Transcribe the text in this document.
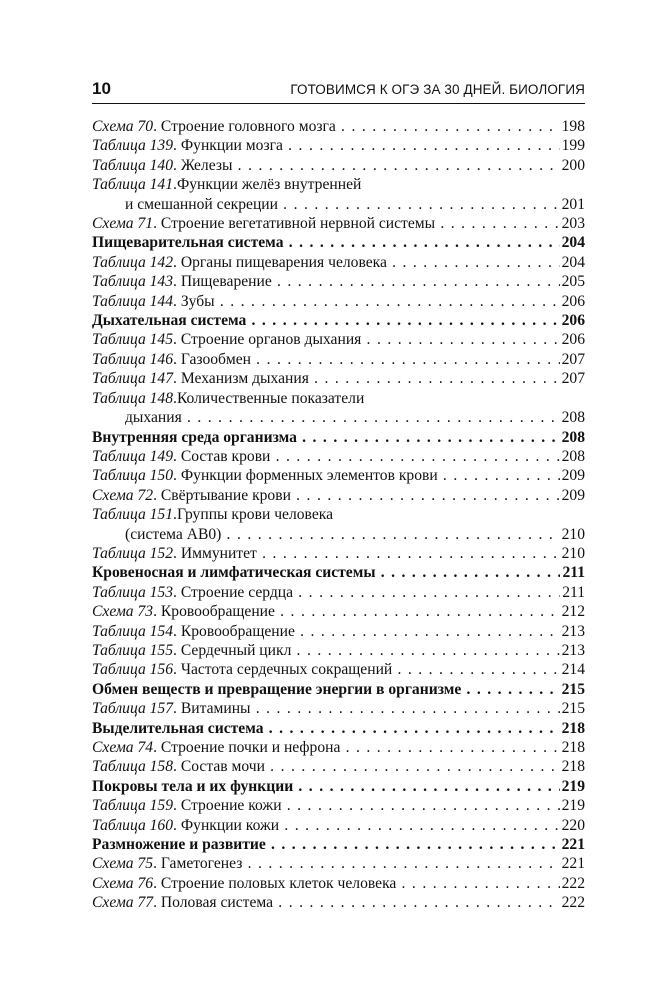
10	ГОТОВИМСЯ К ОГЭ ЗА 30 ДНЕЙ. БИОЛОГИЯ
Схема 70. Строение головного мозга . . .	198
Таблица 139. Функции мозга . . .	199
Таблица 140. Железы . . .	200
Таблица 141 . Функции желёз внутренней
и смешанной секреции . . .	201
Схема 71. Строение вегетативной нервной системы . . .	203
Пищеварительная система . . .	204
Таблица 142. Органы пищеварения человека . . .	204
Таблица 143. Пищеварение . . .	205
Таблица 144. Зубы . . .	206
Дыхательная система . . .	206
Таблица 145. Строение органов дыхания . . .	206
Таблица 146. Газообмен . . .	207
Таблица 147. Механизм дыхания . . .	207
Таблица 148 . Количественные показатели
дыхания . . .	208
Внутренняя среда организма . . .	208
Таблица 149. Состав крови . . .	208
Таблица 150. Функции форменных элементов крови . . .	209
Схема 72. Свёртывание крови . . .	209
Таблица 151 . Группы крови человека
(система АВ0) . . .	210
Таблица 152. Иммунитет . . .	210
Кровеносная и лимфатическая системы . . .	211
Таблица 153. Строение сердца . . .	211
Схема 73. Кровообращение . . .	212
Таблица 154. Кровообращение . . .	213
Таблица 155. Сердечный цикл . . .	213
Таблица 156. Частота сердечных сокращений . . .	214
Обмен веществ и превращение энергии в организме . . .	215
Таблица 157. Витамины . . .	215
Выделительная система . . .	218
Схема 74. Строение почки и нефрона . . .	218
Таблица 158. Состав мочи . . .	218
Покровы тела и их функции . . .	219
Таблица 159. Строение кожи . . .	219
Таблица 160. Функции кожи . . .	220
Размножение и развитие . . .	221
Схема 75. Гаметогенез . . .	221
Схема 76. Строение половых клеток человека . . .	222
Схема 77. Половая система . . .	222
